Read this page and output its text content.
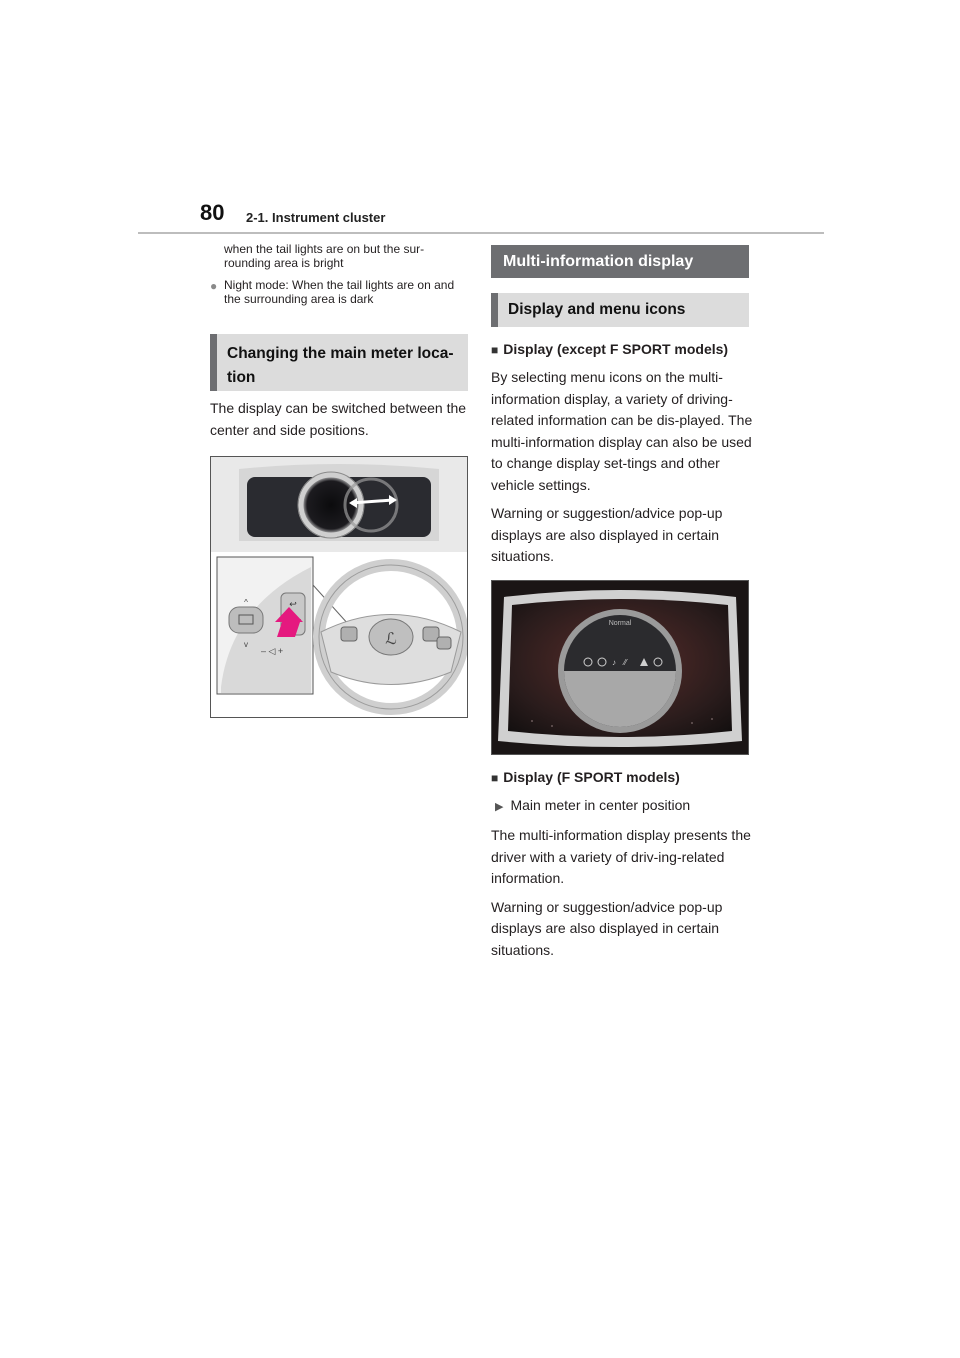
80 2-1. Instrument cluster
when the tail lights are on but the sur-rounding area is bright
● Night mode: When the tail lights are on and the surrounding area is dark
Changing the main meter loca-tion

The display can be switched between the center and side positions.

^
v
– ◁ +
↩
ℒ
Multi-information display
Display and menu icons
■ Display (except F SPORT models)

By selecting menu icons on the multi-information display, a variety of driving-related information can be dis-played. The multi-information display can also be used to change display set-tings and other vehicle settings.

Warning or suggestion/advice pop-up displays are also displayed in certain situations.

Normal
♪ ⁄⁄
■ Display (F SPORT models)
▶ Main meter in center position

The multi-information display presents the driver with a variety of driv-ing-related information.

Warning or suggestion/advice pop-up displays are also displayed in certain situations.
